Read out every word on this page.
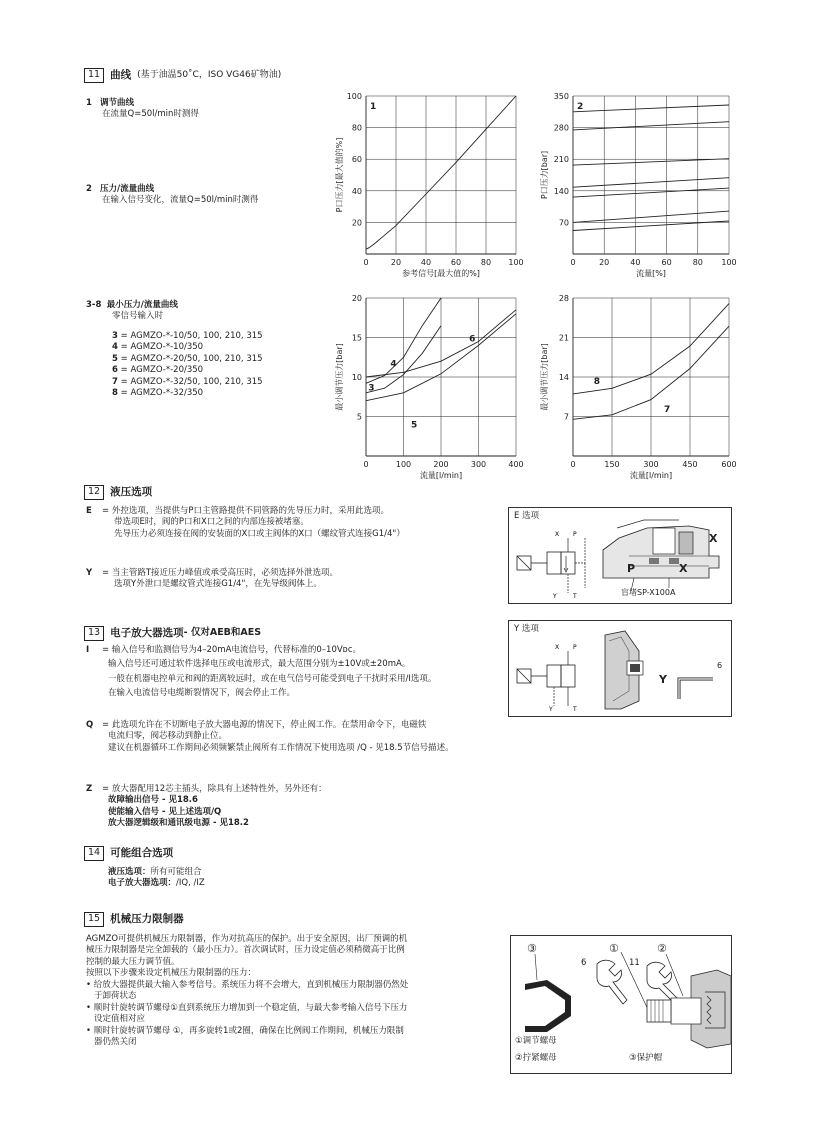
11 曲线 (基于油温50˚C，ISO VG46矿物油)
1 调节曲线
在流量Q=50l/min时测得
2 压力/流量曲线
在输入信号变化，流量Q=50l/min时测得
3-8 最小压力/流量曲线
零信号输入时
3 = AGMZO-*-10/50, 100, 210, 315
4 = AGMZO-*-10/350
5 = AGMZO-*-20/50, 100, 210, 315
6 = AGMZO-*-20/350
7 = AGMZO-*-32/50, 100, 210, 315
8 = AGMZO-*-32/350
0	20 40 60 80 100
20
40
60
80
100
1
参考信号[最大值的%]
P口压力[最大值的%]
0	20	40	60	80 100
70
140
210
280
350
2
流量[%]
P口压力[bar]
0	100	200	300	400
5
10
15
20
3
4
5
6
流量[l/min]
最小调节压力[bar]
0	150	300	450	600
7
14
21
28
8
7
流量[l/min]
最小调节压力[bar]
12 液压选项
E = 外控选项，当提供与P口主管路提供不同管路的先导压力时，采用此选项。
带选项E时，阀的P口和X口之间的内部连接被堵塞。
先导压力必须连接在阀的安装面的X口或主阀体的X口（螺纹管式连接G1/4"）
Y = 当主管路T接近压力峰值或承受高压时，必须选择外泄选项。
选项Y外泄口是螺纹管式连接G1/4"，在先导级阀体上。
E 选项
X P
Y	T
P	X
X
盲堵SP-X100A
13 电子放大器选项 - 仅对AEB和AES	Y 选项
X P
Y	T
Y
6
I = 输入信号和监测信号为4–20mA电流信号，代替标准的0–10Vᴅᴄ。
输入信号还可通过软件选择电压或电流形式，最大范围分别为±10V或±20mA。
一般在机器电控单元和阀的距离较远时，或在电气信号可能受到电子干扰时采用/I选项。
在输入电流信号电缆断裂情况下，阀会停止工作。
Q = 此选项允许在不切断电子放大器电源的情况下，停止阀工作。在禁用命令下，电磁铁
电流归零，阀芯移动到静止位。
建议在机器循环工作期间必须频繁禁止阀所有工作情况下使用选项 /Q - 见18.5节信号描述。
Z = 放大器配用12芯主插头，除具有上述特性外，另外还有：
故障输出信号 - 见18.6
使能输入信号 - 见上述选项/Q
放大器逻辑级和通讯级电源 - 见18.2
14 可能组合选项
液压选项：所有可能组合
电子放大器选项：/IQ, /IZ
15 机械压力限制器
AGMZO可提供机械压力限制器，作为对抗高压的保护。出于安全原因，出厂预调的机
械压力限制器是完全卸载的（最小压力）。首次调试时，压力设定值必须稍微高于比例
控制的最大压力调节值。
按照以下步骤来设定机械压力限制器的压力：
• 给放大器提供最大输入参考信号。系统压力将不会增大，直到机械压力限制器仍然处
于卸荷状态
• 顺时针旋转调节螺母①直到系统压力增加到一个稳定值，与最大参考输入信号下压力
设定值相对应
• 顺时针旋转调节螺母 ①，再多旋转1或2圈，确保在比例阀工作期间，机械压力限制
器仍然关闭
③	①	②
6	11
①调节螺母
②拧紧螺母	③保护帽
